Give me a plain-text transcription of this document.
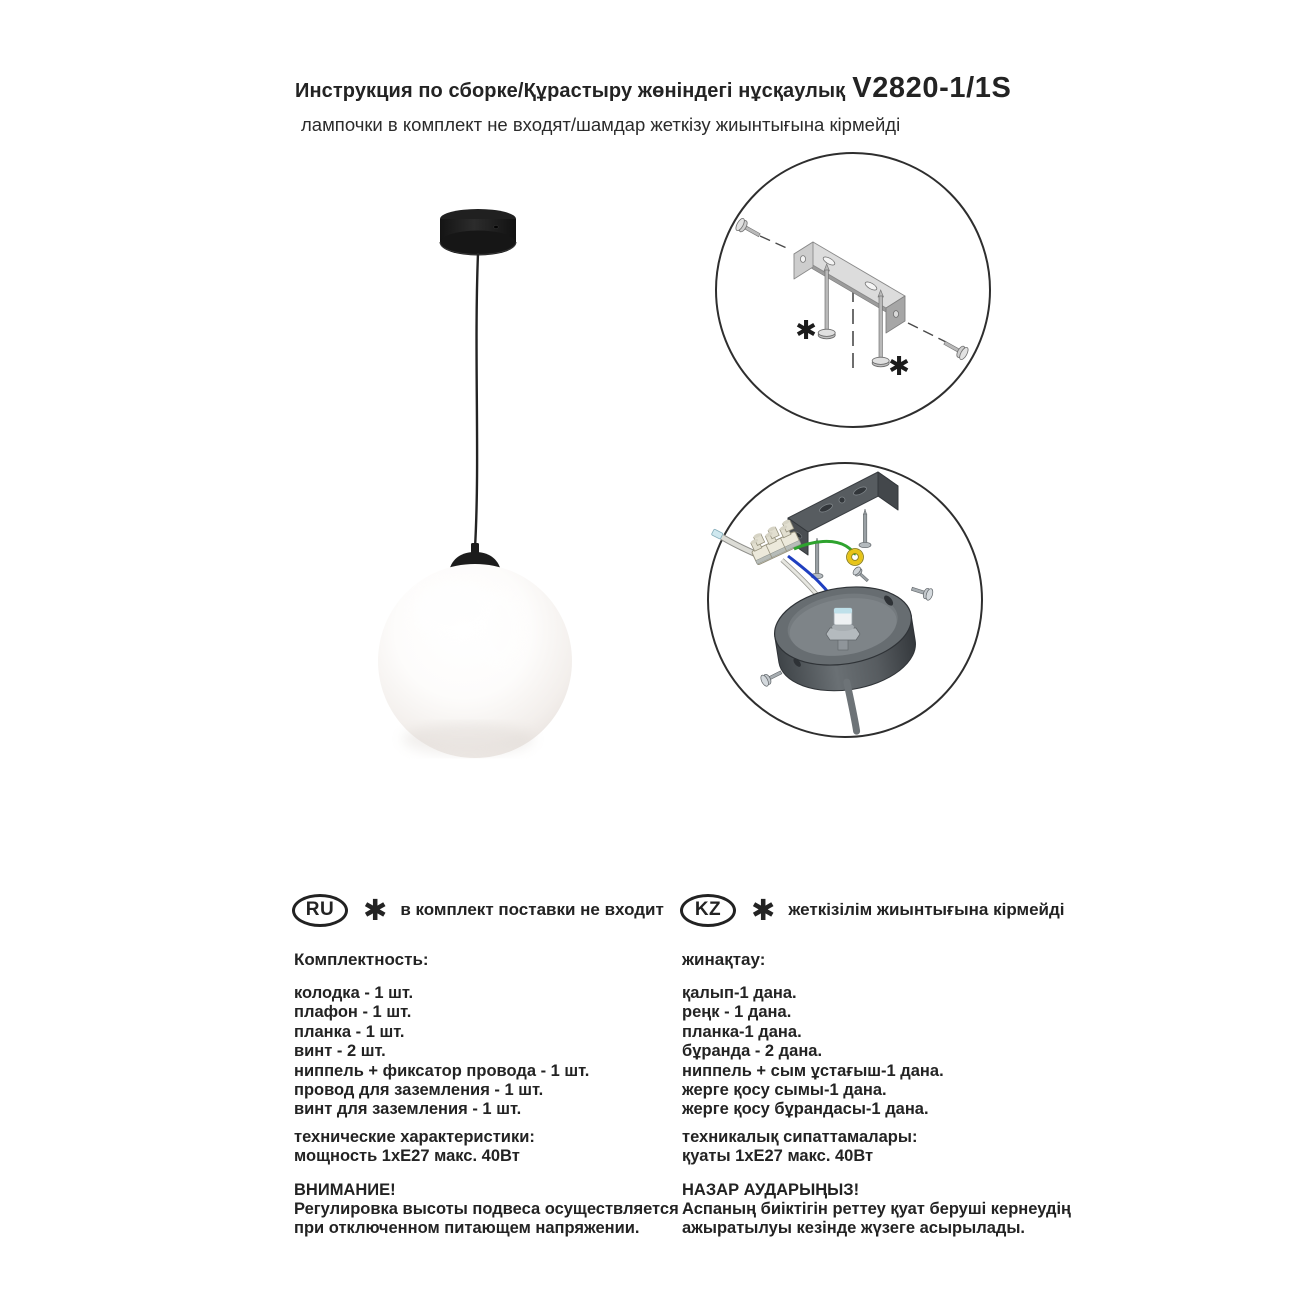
Инструкция по сборке/Құрастыру жөніндегі нұсқаулық V2820-1/1S
лампочки в комплект не входят/шамдар жеткізу жиынтығына кірмейді
✱
✱
RU ✱ в комплект поставки не входит
Комплектность:
колодка - 1 шт.
плафон - 1 шт.
планка - 1 шт.
винт - 2 шт.
ниппель + фиксатор провода - 1 шт.
провод для заземления - 1 шт.
винт для заземления - 1 шт.
технические характеристики:
мощность 1хЕ27 макс. 40Вт
ВНИМАНИЕ!
Регулировка высоты подвеса осуществляется
при отключенном питающем напряжении.
KZ	✱ жеткізілім жиынтығына кірмейді
жинақтау:
қалып-1 дана.
реңк - 1 дана.
планка-1 дана.
бұранда - 2 дана.
ниппель + сым ұстағыш-1 дана.
жерге қосу сымы-1 дана.
жерге қосу бұрандасы-1 дана.
техникалық сипаттамалары:
қуаты 1хЕ27 макс. 40Вт
НАЗАР АУДАРЫҢЫЗ!
Аспаның биіктігін реттеу қуат беруші кернеудің
ажыратылуы кезінде жүзеге асырылады.
